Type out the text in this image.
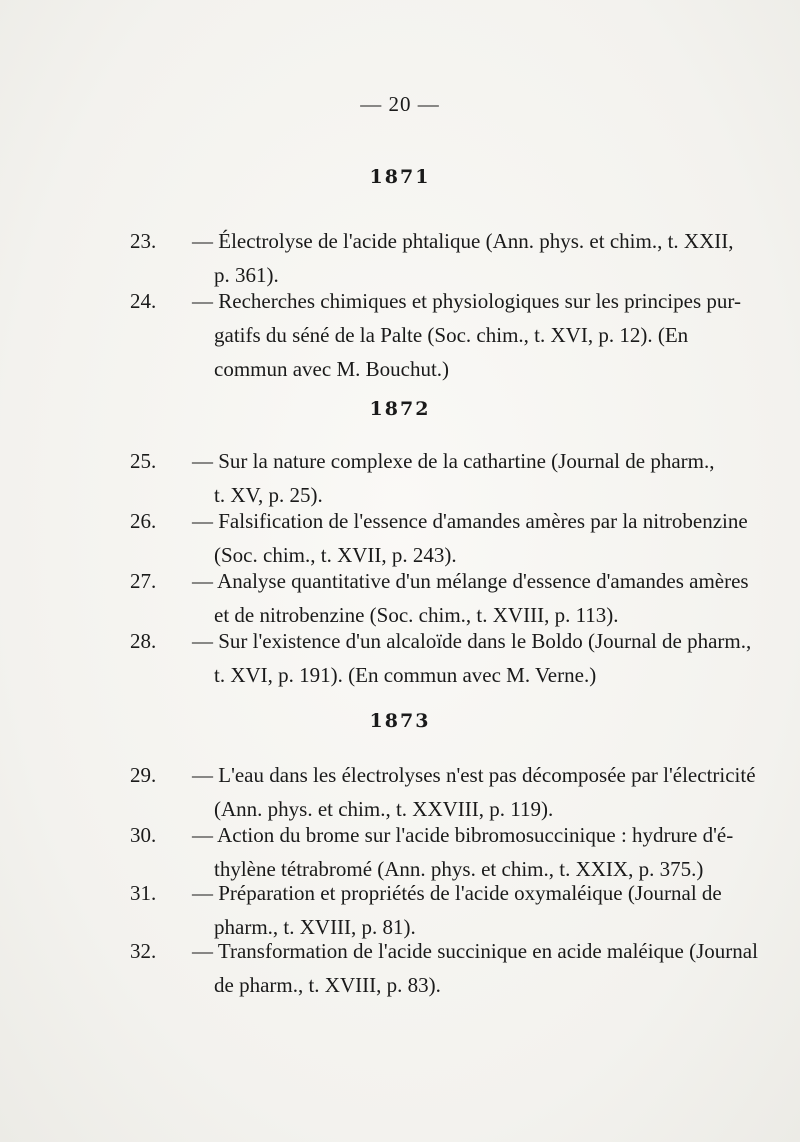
— 20 —
1871
23.	— Électrolyse de l'acide phtalique (Ann. phys. et chim., t. XXII,
p. 361).
24.	— Recherches chimiques et physiologiques sur les principes pur-
gatifs du séné de la Palte (Soc. chim., t. XVI, p. 12). (En
commun avec M. Bouchut.)
1872
25.	— Sur la nature complexe de la cathartine (Journal de pharm.,
t. XV, p. 25).
26.	— Falsification de l'essence d'amandes amères par la nitrobenzine
(Soc. chim., t. XVII, p. 243).
27.	— Analyse quantitative d'un mélange d'essence d'amandes amères
et de nitrobenzine (Soc. chim., t. XVIII, p. 113).
28.	— Sur l'existence d'un alcaloïde dans le Boldo (Journal de pharm.,
t. XVI, p. 191). (En commun avec M. Verne.)
1873
29.	— L'eau dans les électrolyses n'est pas décomposée par l'électricité
(Ann. phys. et chim., t. XXVIII, p. 119).
30.	— Action du brome sur l'acide bibromosuccinique : hydrure d'é-
thylène tétrabromé (Ann. phys. et chim., t. XXIX, p. 375.)
31.	— Préparation et propriétés de l'acide oxymaléique (Journal de
pharm., t. XVIII, p. 81).
32.	— Transformation de l'acide succinique en acide maléique (Journal
de pharm., t. XVIII, p. 83).
